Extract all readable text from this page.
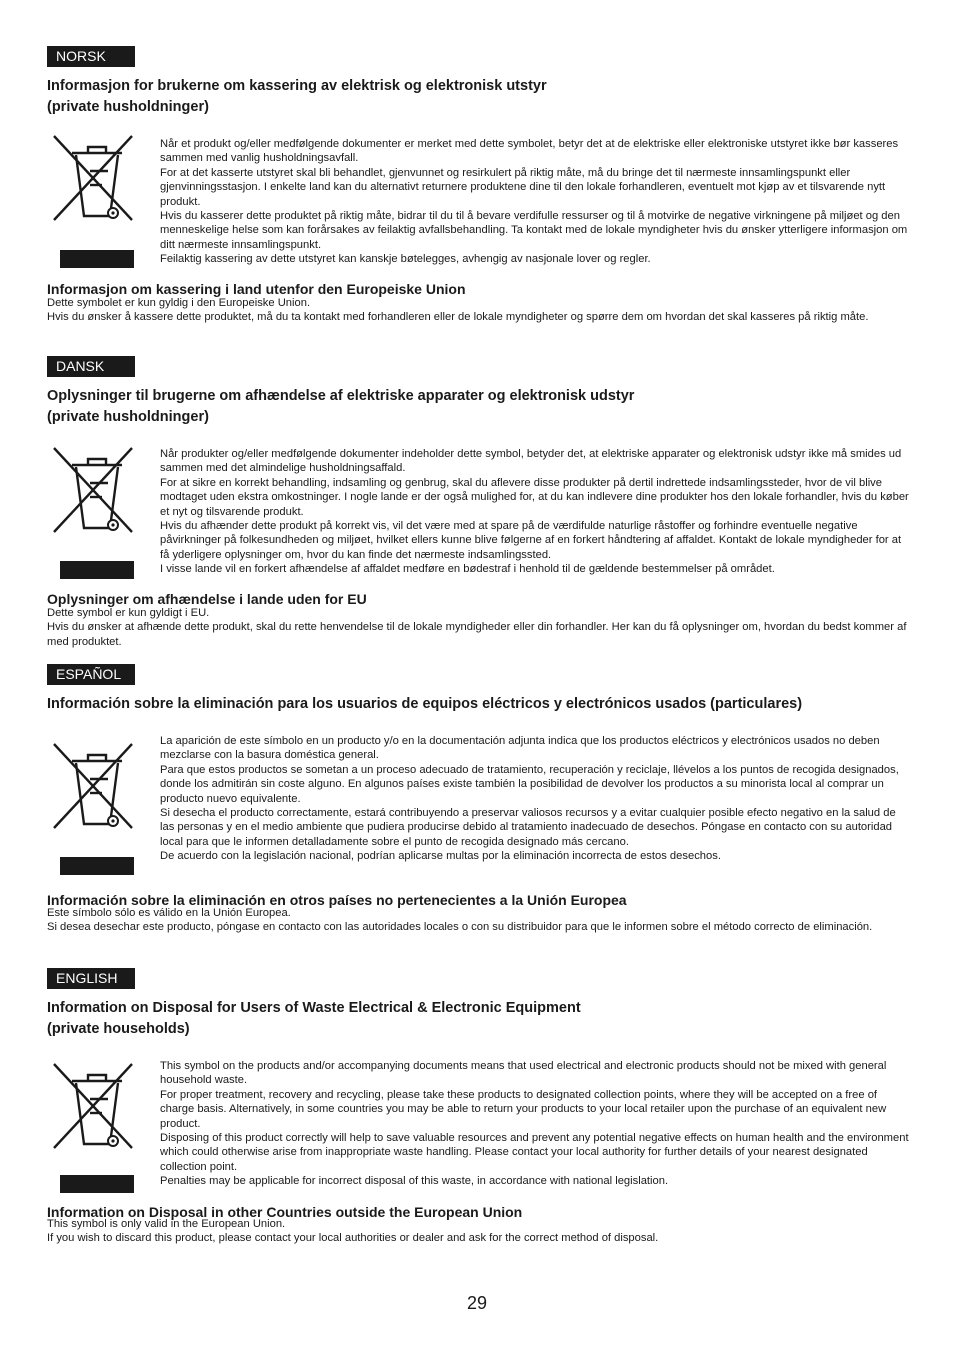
NORSK
Informasjon for brukerne om kassering av elektrisk og elektronisk utstyr
(private husholdninger)

Når et produkt og/eller medfølgende dokumenter er merket med dette symbolet, betyr det at de elektriske eller elektroniske utstyret ikke bør kasseres sammen med vanlig husholdningsavfall.

For at det kasserte utstyret skal bli behandlet, gjenvunnet og resirkulert på riktig måte, må du bringe det til nærmeste innsamlingspunkt eller gjenvinningsstasjon. I enkelte land kan du alternativt returnere produktene dine til den lokale forhandleren, eventuelt mot kjøp av et tilsvarende nytt produkt.

Hvis du kasserer dette produktet på riktig måte, bidrar til du til å bevare verdifulle ressurser og til å motvirke de negative virkningene på miljøet og den menneskelige helse som kan forårsakes av feilaktig avfallsbehandling. Ta kontakt med de lokale myndigheter hvis du ønsker ytterligere informasjon om ditt nærmeste innsamlingspunkt.

Feilaktig kassering av dette utstyret kan kanskje bøtelegges, avhengig av nasjonale lover og regler.

Informasjon om kassering i land utenfor den Europeiske Union

Dette symbolet er kun gyldig i den Europeiske Union.

Hvis du ønsker å kassere dette produktet, må du ta kontakt med forhandleren eller de lokale myndigheter og spørre dem om hvordan det skal kasseres på riktig måte.

DANSK
Oplysninger til brugerne om afhændelse af elektriske apparater og elektronisk udstyr
(private husholdninger)

Når produkter og/eller medfølgende dokumenter indeholder dette symbol, betyder det, at elektriske apparater og elektronisk udstyr ikke må smides ud sammen med det almindelige husholdningsaffald.

For at sikre en korrekt behandling, indsamling og genbrug, skal du aflevere disse produkter på dertil indrettede indsamlingssteder, hvor de vil blive modtaget uden ekstra omkostninger. I nogle lande er der også mulighed for, at du kan indlevere dine produkter hos den lokale forhandler, hvis du køber et nyt og tilsvarende produkt.

Hvis du afhænder dette produkt på korrekt vis, vil det være med at spare på de værdifulde naturlige råstoffer og forhindre eventuelle negative påvirkninger på folkesundheden og miljøet, hvilket ellers kunne blive følgerne af en forkert håndtering af affaldet. Kontakt de lokale myndigheder for at få yderligere oplysninger om, hvor du kan finde det nærmeste indsamlingssted.

I visse lande vil en forkert afhændelse af affaldet medføre en bødestraf i henhold til de gældende bestemmelser på området.

Oplysninger om afhændelse i lande uden for EU

Dette symbol er kun gyldigt i EU.

Hvis du ønsker at afhænde dette produkt, skal du rette henvendelse til de lokale myndigheder eller din forhandler. Her kan du få oplysninger om, hvordan du bedst kommer af med produktet.

ESPAÑOL
Información sobre la eliminación para los usuarios de equipos eléctricos y electrónicos usados (particulares)

La aparición de este símbolo en un producto y/o en la documentación adjunta indica que los productos eléctricos y electrónicos usados no deben mezclarse con la basura doméstica general.

Para que estos productos se sometan a un proceso adecuado de tratamiento, recuperación y reciclaje, llévelos a los puntos de recogida designados, donde los admitirán sin coste alguno. En algunos países existe también la posibilidad de devolver los productos a su minorista local al comprar un producto nuevo equivalente.

Si desecha el producto correctamente, estará contribuyendo a preservar valiosos recursos y a evitar cualquier posible efecto negativo en la salud de las personas y en el medio ambiente que pudiera producirse debido al tratamiento inadecuado de desechos. Póngase en contacto con su autoridad local para que le informen detalladamente sobre el punto de recogida designado más cercano.

De acuerdo con la legislación nacional, podrían aplicarse multas por la eliminación incorrecta de estos desechos.

Información sobre la eliminación en otros países no pertenecientes a la Unión Europea

Este símbolo sólo es válido en la Unión Europea.

Si desea desechar este producto, póngase en contacto con las autoridades locales o con su distribuidor para que le informen sobre el método correcto de eliminación.

ENGLISH
Information on Disposal for Users of Waste Electrical & Electronic Equipment
(private households)

This symbol on the products and/or accompanying documents means that used electrical and electronic products should not be mixed with general household waste.

For proper treatment, recovery and recycling, please take these products to designated collection points, where they will be accepted on a free of charge basis. Alternatively, in some countries you may be able to return your products to your local retailer upon the purchase of an equivalent new product.

Disposing of this product correctly will help to save valuable resources and prevent any potential negative effects on human health and the environment which could otherwise arise from inappropriate waste handling. Please contact your local authority for further details of your nearest designated collection point.

Penalties may be applicable for incorrect disposal of this waste, in accordance with national legislation.

Information on Disposal in other Countries outside the European Union

This symbol is only valid in the European Union.

If you wish to discard this product, please contact your local authorities or dealer and ask for the correct method of disposal.

29
